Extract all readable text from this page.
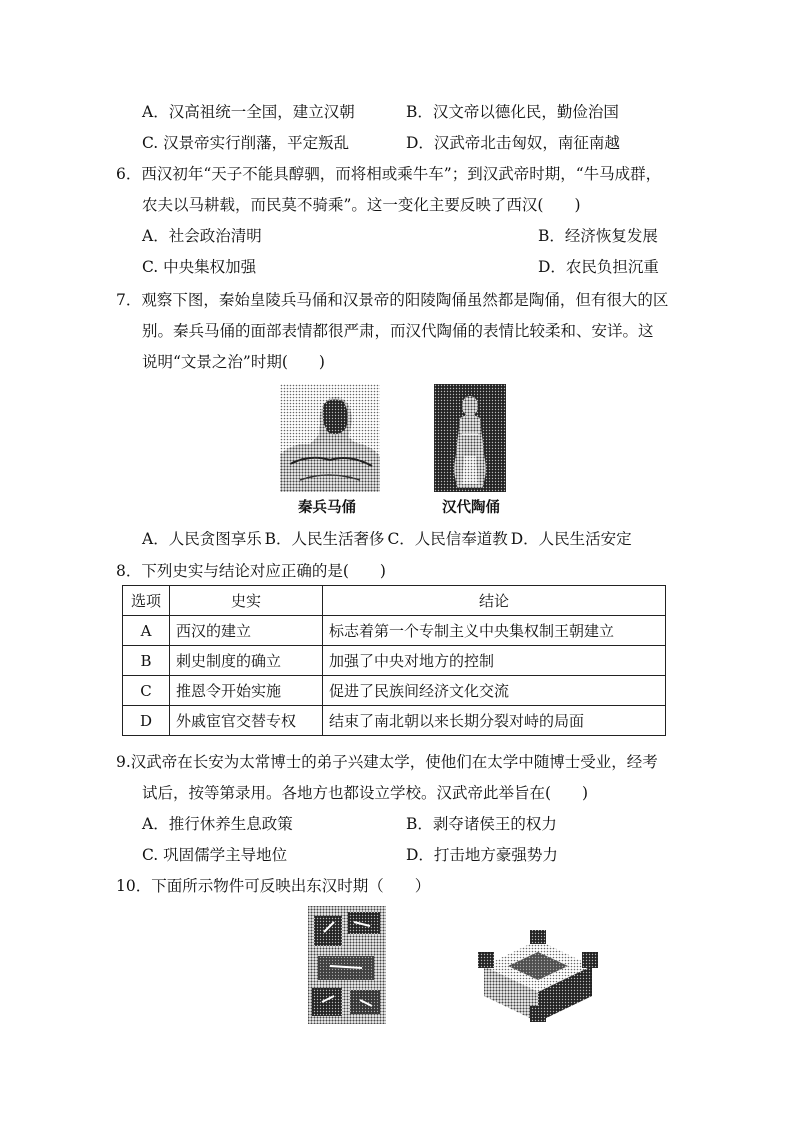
A．汉高祖统一全国，建立汉朝	B．汉文帝以德化民，勤俭治国
C. 汉景帝实行削藩，平定叛乱	D．汉武帝北击匈奴，南征南越
6．西汉初年“天子不能具醇驷，而将相或乘牛车”；到汉武帝时期，“牛马成群，
农夫以马耕载，而民莫不骑乘”。这一变化主要反映了西汉(　　)
A．社会政治清明	B．经济恢复发展
C. 中央集权加强	D．农民负担沉重
7．观察下图，秦始皇陵兵马俑和汉景帝的阳陵陶俑虽然都是陶俑，但有很大的区
别。秦兵马俑的面部表情都很严肃，而汉代陶俑的表情比较柔和、安详。这
说明“文景之治”时期(　　)
秦兵马俑	汉代陶俑
A．人民贪图享乐 B．人民生活奢侈 C．人民信奉道教 D．人民生活安定
8．下列史实与结论对应正确的是(　　)
选项	史实	结论
A	西汉的建立	标志着第一个专制主义中央集权制王朝建立
B	刺史制度的确立	加强了中央对地方的控制
C	推恩令开始实施	促进了民族间经济文化交流
D	外戚宦官交替专权	结束了南北朝以来长期分裂对峙的局面
9.汉武帝在长安为太常博士的弟子兴建太学，使他们在太学中随博士受业，经考
试后，按等第录用。各地方也都设立学校。汉武帝此举旨在(　　)
A．推行休养生息政策	B．剥夺诸侯王的权力
C. 巩固儒学主导地位	D．打击地方豪强势力
10．下面所示物件可反映出东汉时期（　　）
